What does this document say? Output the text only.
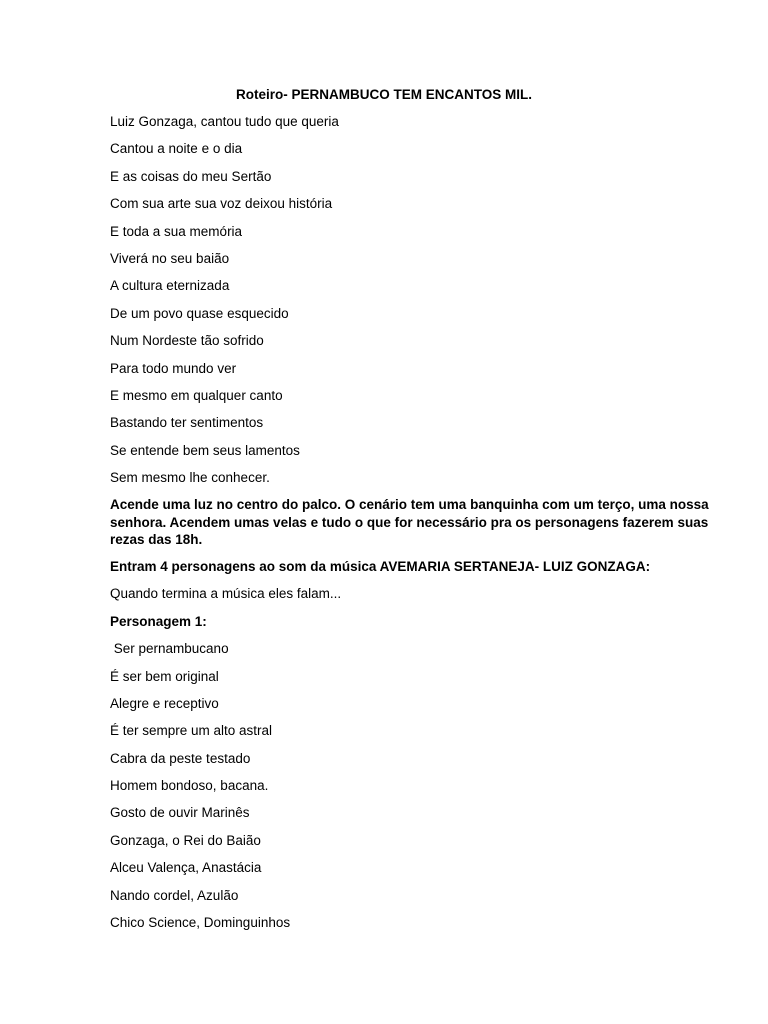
Roteiro- PERNAMBUCO TEM ENCANTOS MIL.
Luiz Gonzaga, cantou tudo que queria
Cantou a noite e o dia
E as coisas do meu Sertão
Com sua arte sua voz deixou história
E toda a sua memória
Viverá no seu baião
A cultura eternizada
De um povo quase esquecido
Num Nordeste tão sofrido
Para todo mundo ver
E mesmo em qualquer canto
Bastando ter sentimentos
Se entende bem seus lamentos
Sem mesmo lhe conhecer.
Acende uma luz no centro do palco. O cenário tem uma banquinha com um terço, uma nossa
senhora. Acendem umas velas e tudo o que for necessário pra os personagens fazerem suas
rezas das 18h.
Entram 4 personagens ao som da música AVEMARIA SERTANEJA- LUIZ GONZAGA:
Quando termina a música eles falam...
Personagem 1:
Ser pernambucano
É ser bem original
Alegre e receptivo
É ter sempre um alto astral
Cabra da peste testado
Homem bondoso, bacana.
Gosto de ouvir Marinês
Gonzaga, o Rei do Baião
Alceu Valença, Anastácia
Nando cordel, Azulão
Chico Science, Dominguinhos
